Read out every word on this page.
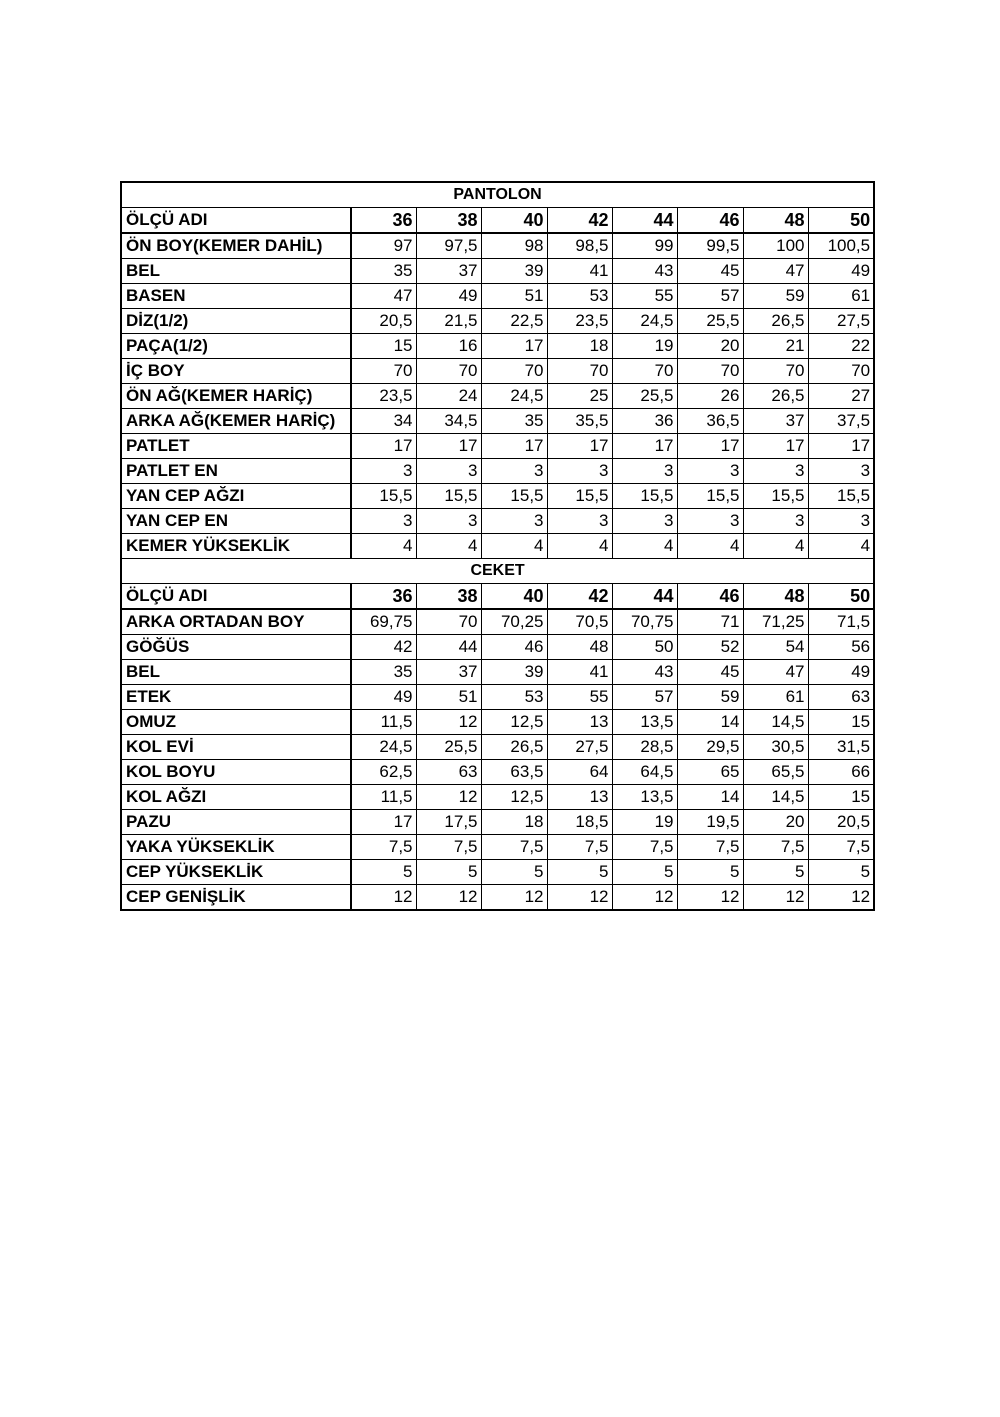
PANTOLON								
ÖLÇÜ ADI	36	38	40	42	44	46	48	50
ÖN BOY(KEMER DAHİL)	97	97,5	98	98,5	99	99,5	100	100,5
BEL	35	37	39	41	43	45	47	49
BASEN	47	49	51	53	55	57	59	61
DİZ(1/2)	20,5	21,5	22,5	23,5	24,5	25,5	26,5	27,5
PAÇA(1/2)	15	16	17	18	19	20	21	22
İÇ BOY	70	70	70	70	70	70	70	70
ÖN AĞ(KEMER HARİÇ)	23,5	24	24,5	25	25,5	26	26,5	27
ARKA AĞ(KEMER HARİÇ)	34	34,5	35	35,5	36	36,5	37	37,5
PATLET	17	17	17	17	17	17	17	17
PATLET EN	3	3	3	3	3	3	3	3
YAN CEP AĞZI	15,5	15,5	15,5	15,5	15,5	15,5	15,5	15,5
YAN CEP EN	3	3	3	3	3	3	3	3
KEMER YÜKSEKLİK	4	4	4	4	4	4	4	4
CEKET								
ÖLÇÜ ADI	36	38	40	42	44	46	48	50
ARKA ORTADAN BOY	69,75	70	70,25	70,5	70,75	71	71,25	71,5
GÖĞÜS	42	44	46	48	50	52	54	56
BEL	35	37	39	41	43	45	47	49
ETEK	49	51	53	55	57	59	61	63
OMUZ	11,5	12	12,5	13	13,5	14	14,5	15
KOL EVİ	24,5	25,5	26,5	27,5	28,5	29,5	30,5	31,5
KOL BOYU	62,5	63	63,5	64	64,5	65	65,5	66
KOL AĞZI	11,5	12	12,5	13	13,5	14	14,5	15
PAZU	17	17,5	18	18,5	19	19,5	20	20,5
YAKA YÜKSEKLİK	7,5	7,5	7,5	7,5	7,5	7,5	7,5	7,5
CEP YÜKSEKLİK	5	5	5	5	5	5	5	5
CEP GENİŞLİK	12	12	12	12	12	12	12	12
